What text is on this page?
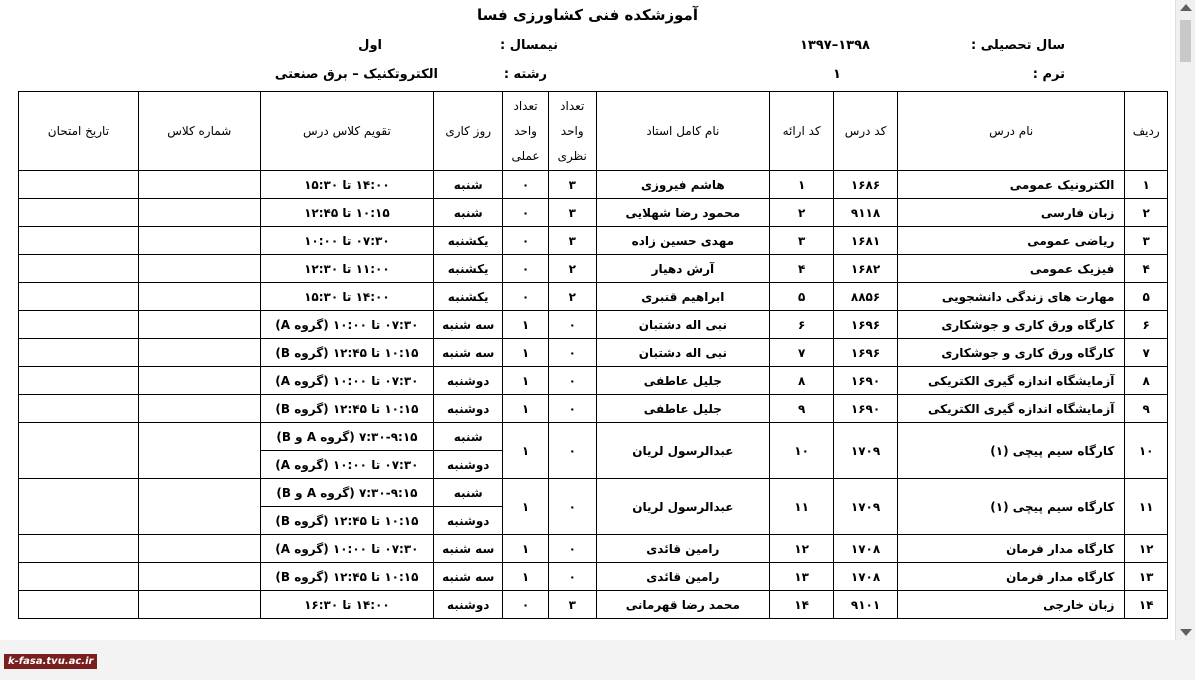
آموزشکده فنی کشاورزی فسا
سال تحصیلی :
۱۳۹۸–۱۳۹۷
نیمسال :
اول
ترم :
۱
رشته :
الکتروتکنیک – برق صنعتی
ردیف	نام درس	کد درس	کد ارائه	نام کامل استاد	تعداد واحد نظری	تعداد واحد عملی	روز کاری	تقویم کلاس درس	شماره کلاس	تاریخ امتحان
۱	الکترونیک عمومی	۱۶۸۶	۱	هاشم فیروزی	۳	۰	شنبه	۱۴:۰۰ تا ۱۵:۳۰		
۲	زبان فارسی	۹۱۱۸	۲	محمود رضا شهلایی	۳	۰	شنبه	۱۰:۱۵ تا ۱۲:۴۵		
۳	ریاضی عمومی	۱۶۸۱	۳	مهدی حسین زاده	۳	۰	یکشنبه	۰۷:۳۰ تا ۱۰:۰۰		
۴	فیزیک عمومی	۱۶۸۲	۴	آرش دهیار	۲	۰	یکشنبه	۱۱:۰۰ تا ۱۲:۳۰		
۵	مهارت های زندگی دانشجویی	۸۸۵۶	۵	ابراهیم قنبری	۲	۰	یکشنبه	۱۴:۰۰ تا ۱۵:۳۰		
۶	کارگاه ورق کاری و جوشکاری	۱۶۹۶	۶	نبی اله دشتبان	۰	۱	سه شنبه	۰۷:۳۰ تا ۱۰:۰۰ (گروه A)		
۷	کارگاه ورق کاری و جوشکاری	۱۶۹۶	۷	نبی اله دشتبان	۰	۱	سه شنبه	۱۰:۱۵ تا ۱۲:۴۵ (گروه B)		
۸	آزمایشگاه اندازه گیری الکتریکی	۱۶۹۰	۸	جلیل عاطفی	۰	۱	دوشنبه	۰۷:۳۰ تا ۱۰:۰۰ (گروه A)		
۹	آزمایشگاه اندازه گیری الکتریکی	۱۶۹۰	۹	جلیل عاطفی	۰	۱	دوشنبه	۱۰:۱۵ تا ۱۲:۴۵ (گروه B)		
۱۰	کارگاه سیم پیچی (۱)	۱۷۰۹	۱۰	عبدالرسول لریان	۰	۱	شنبه	۷:۳۰-۹:۱۵ (گروه A و B)		
							دوشنبه	۰۷:۳۰ تا ۱۰:۰۰ (گروه A)		
۱۱	کارگاه سیم پیچی (۱)	۱۷۰۹	۱۱	عبدالرسول لریان	۰	۱	شنبه	۷:۳۰-۹:۱۵ (گروه A و B)		
							دوشنبه	۱۰:۱۵ تا ۱۲:۴۵ (گروه B)		
۱۲	کارگاه مدار فرمان	۱۷۰۸	۱۲	رامین قائدی	۰	۱	سه شنبه	۰۷:۳۰ تا ۱۰:۰۰ (گروه A)		
۱۳	کارگاه مدار فرمان	۱۷۰۸	۱۳	رامین قائدی	۰	۱	سه شنبه	۱۰:۱۵ تا ۱۲:۴۵ (گروه B)		
۱۴	زبان خارجی	۹۱۰۱	۱۴	محمد رضا قهرمانی	۳	۰	دوشنبه	۱۴:۰۰ تا ۱۶:۳۰		
k-fasa.tvu.ac.ir
